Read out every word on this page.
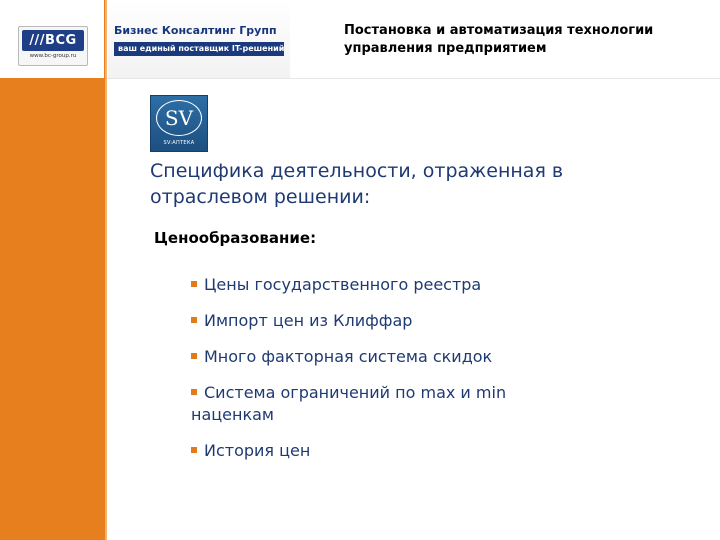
///BCG
www.bc-group.ru
Бизнес Консалтинг Групп
ваш единый поставщик IT-решений
Постановка и автоматизация технологии
управления предприятием
SV
SV:АПТЕКА
Специфика деятельности, отраженная в
отраслевом решении:
Ценообразование:
Цены государственного реестра
Импорт цен из Клиффар
Много факторная система скидок
Система ограничений по max и min наценкам
История цен
